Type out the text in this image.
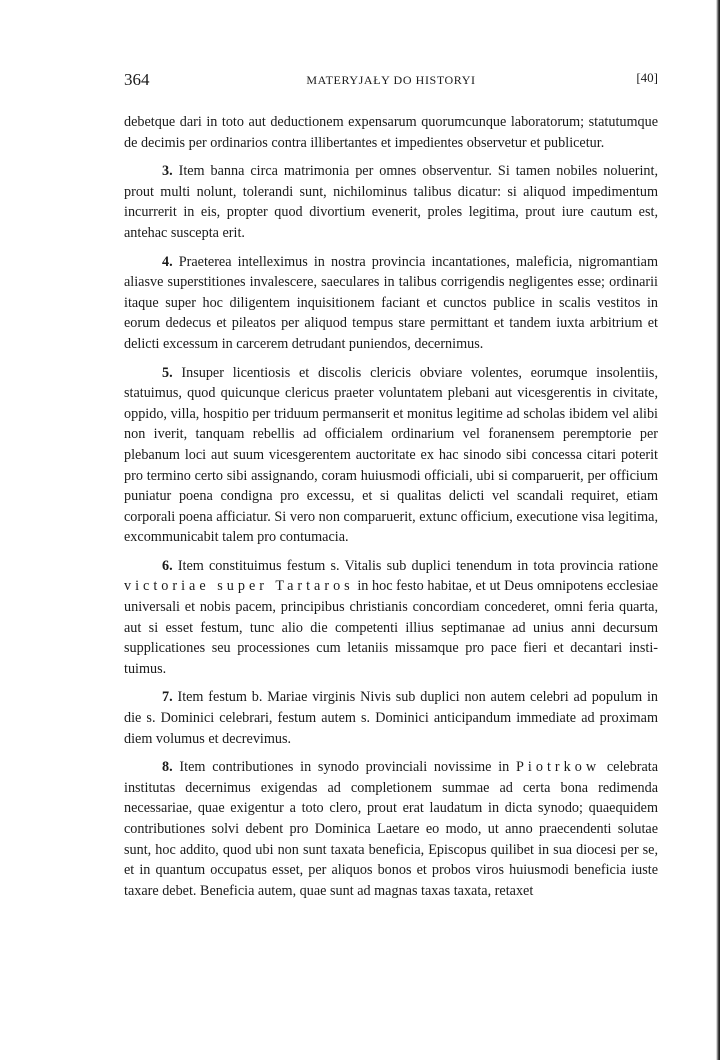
364	MATERYJAŁY DO HISTORYI	[40]

debetque dari in toto aut deductionem expensarum quorumcunque laboratorum; statutumque de decimis per ordinarios contra illibertantes et impedientes observetur et publicetur.

3. Item banna circa matrimonia per omnes observentur. Si tamen nobiles noluerint, prout multi nolunt, tolerandi sunt, nichilominus talibus dicatur: si aliquod impedimentum incurrerit in eis, propter quod divortium evenerit, proles legitima, prout iure cautum est, antehac suscepta erit.

4. Praeterea intelleximus in nostra provincia incantationes, maleficia, nigromantiam aliasve superstitiones invalescere, saeculares in talibus corrigendis negligentes esse; ordinarii itaque super hoc diligentem inquisitionem faciant et cunctos publice in scalis vestitos in eorum dedecus et pileatos per aliquod tempus stare permittant et tandem iuxta arbitrium et delicti excessum in carcerem detrudant puniendos, decernimus.

5. Insuper licentiosis et discolis clericis obviare volentes, eorumque insolentiis, statuimus, quod quicunque clericus praeter voluntatem plebani aut vicesgerentis in civitate, oppido, villa, hospitio per triduum permanserit et monitus legitime ad scholas ibidem vel alibi non iverit, tanquam rebellis ad officialem ordinarium vel foranensem peremptorie per plebanum loci aut suum vicesgerentem auctoritate ex hac sinodo sibi concessa citari poterit pro termino certo sibi assignando, coram huiusmodi officiali, ubi si comparuerit, per officium puniatur poena condigna pro excessu, et si qualitas delicti vel scandali requiret, etiam corporali poena afficiatur. Si vero non comparuerit, extunc officium, executione visa legitima, excommunicabit talem pro contumacia.

6. Item constituimus festum s. Vitalis sub duplici tenendum in tota provincia ratione victoriae super Tartaros in hoc festo habitae, et ut Deus omnipotens ecclesiae universali et nobis pacem, principibus christianis concordiam concederet, omni feria quarta, aut si esset festum, tunc alio die competenti illius septimanae ad unius anni decursum supplicationes seu processiones cum letaniis missamque pro pace fieri et decantari instituimus.

7. Item festum b. Mariae virginis Nivis sub duplici non autem celebri ad populum in die s. Dominici celebrari, festum autem s. Dominici anticipandum immediate ad proximam diem volumus et decrevimus.

8. Item contributiones in synodo provinciali novissime in Piotrkow celebrata institutas decernimus exigendas ad completionem summae ad certa bona redimenda necessariae, quae exigentur a toto clero, prout erat laudatum in dicta synodo; quaequidem contributiones solvi debent pro Dominica Laetare eo modo, ut anno praecendenti solutae sunt, hoc addito, quod ubi non sunt taxata beneficia, Episcopus quilibet in sua diocesi per se, et in quantum occupatus esset, per aliquos bonos et probos viros huiusmodi beneficia iuste taxare debet. Beneficia autem, quae sunt ad magnas taxas taxata, retaxet
